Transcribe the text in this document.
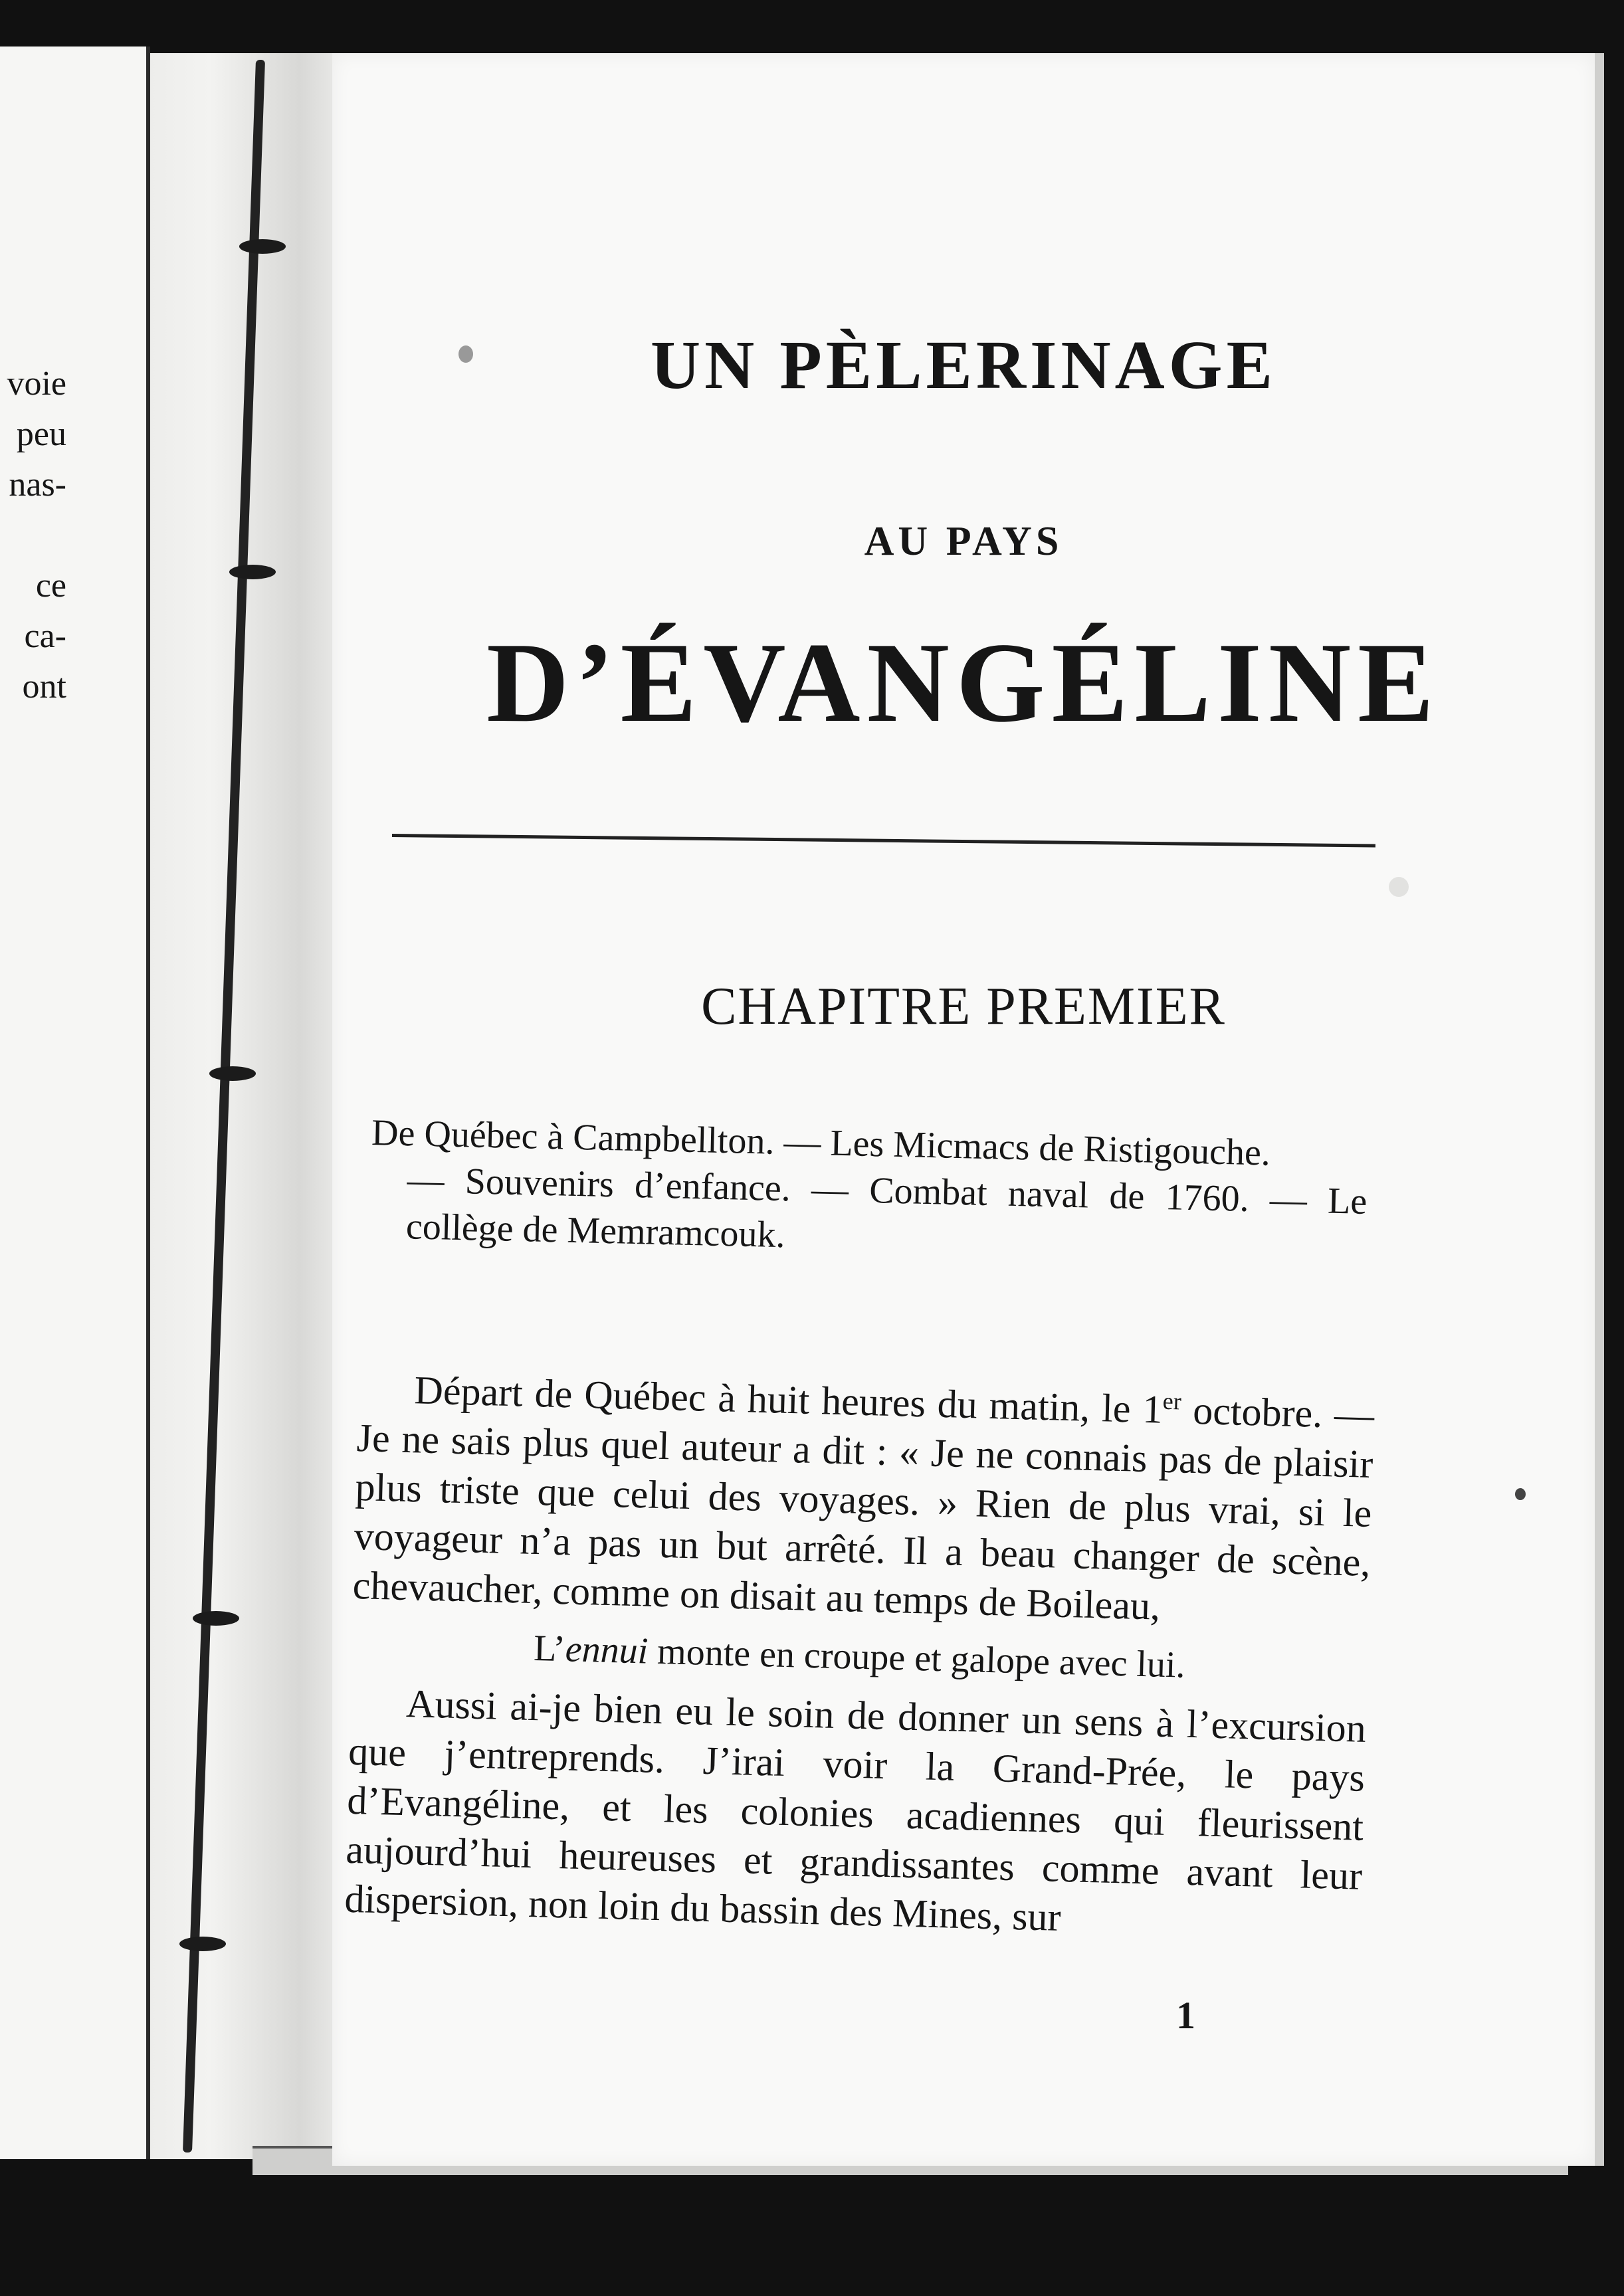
voie
peu
nas-
ce
ca-
ont
UN PÈLERINAGE
AU PAYS
D’ÉVANGÉLINE
CHAPITRE PREMIER
De Québec à Campbellton. — Les Micmacs de Ristigouche.
— Souvenirs d’enfance. — Combat naval de 1760. — Le collège de Memramcouk.

Départ de Québec à huit heures du matin, le 1er octobre. — Je ne sais plus quel auteur a dit : « Je ne connais pas de plaisir plus triste que celui des voyages. » Rien de plus vrai, si le voyageur n’a pas un but arrêté. Il a beau changer de scène, chevaucher, comme on disait au temps de Boileau,

L’ennui monte en croupe et galope avec lui.

Aussi ai-je bien eu le soin de donner un sens à l’excursion que j’entreprends. J’irai voir la Grand-Prée, le pays d’Evangéline, et les colonies acadiennes qui fleurissent aujourd’hui heureuses et grandissantes comme avant leur dispersion, non loin du bassin des Mines, sur

1
